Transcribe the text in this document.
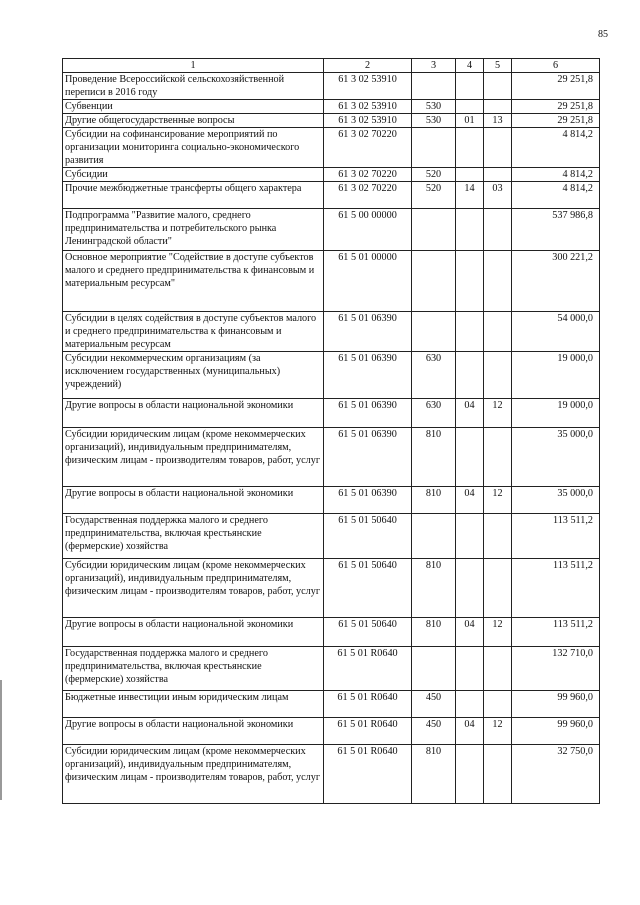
85
1	2	3	4	5	6
Проведение Всероссийской сельскохозяйственной переписи в 2016 году	61 3 02 53910				29 251,8
Субвенции	61 3 02 53910	530			29 251,8
Другие общегосударственные вопросы	61 3 02 53910	530	01	13	29 251,8
Субсидии на софинансирование мероприятий по организации мониторинга социально-экономического развития	61 3 02 70220				4 814,2
Субсидии	61 3 02 70220	520			4 814,2
Прочие межбюджетные трансферты общего характера	61 3 02 70220	520	14	03	4 814,2
Подпрограмма "Развитие малого, среднего предпринимательства и потребительского рынка Ленинградской области"	61 5 00 00000				537 986,8
Основное мероприятие "Содействие в доступе субъектов малого и среднего предпринимательства к финансовым и материальным ресурсам"	61 5 01 00000				300 221,2
Субсидии в целях содействия в доступе субъектов малого и среднего предпринимательства к финансовым и материальным ресурсам	61 5 01 06390				54 000,0
Субсидии некоммерческим организациям (за исключением государственных (муниципальных) учреждений)	61 5 01 06390	630			19 000,0
Другие вопросы в области национальной экономики	61 5 01 06390	630	04	12	19 000,0
Субсидии юридическим лицам (кроме некоммерческих организаций), индивидуальным предпринимателям, физическим лицам - производителям товаров, работ, услуг	61 5 01 06390	810			35 000,0
Другие вопросы в области национальной экономики	61 5 01 06390	810	04	12	35 000,0
Государственная поддержка малого и среднего предпринимательства, включая крестьянские (фермерские) хозяйства	61 5 01 50640				113 511,2
Субсидии юридическим лицам (кроме некоммерческих организаций), индивидуальным предпринимателям, физическим лицам - производителям товаров, работ, услуг	61 5 01 50640	810			113 511,2
Другие вопросы в области национальной экономики	61 5 01 50640	810	04	12	113 511,2
Государственная поддержка малого и среднего предпринимательства, включая крестьянские (фермерские) хозяйства	61 5 01 R0640				132 710,0
Бюджетные инвестиции иным юридическим лицам	61 5 01 R0640	450			99 960,0
Другие вопросы в области национальной экономики	61 5 01 R0640	450	04	12	99 960,0
Субсидии юридическим лицам (кроме некоммерческих организаций), индивидуальным предпринимателям, физическим лицам - производителям товаров, работ, услуг	61 5 01 R0640	810			32 750,0
